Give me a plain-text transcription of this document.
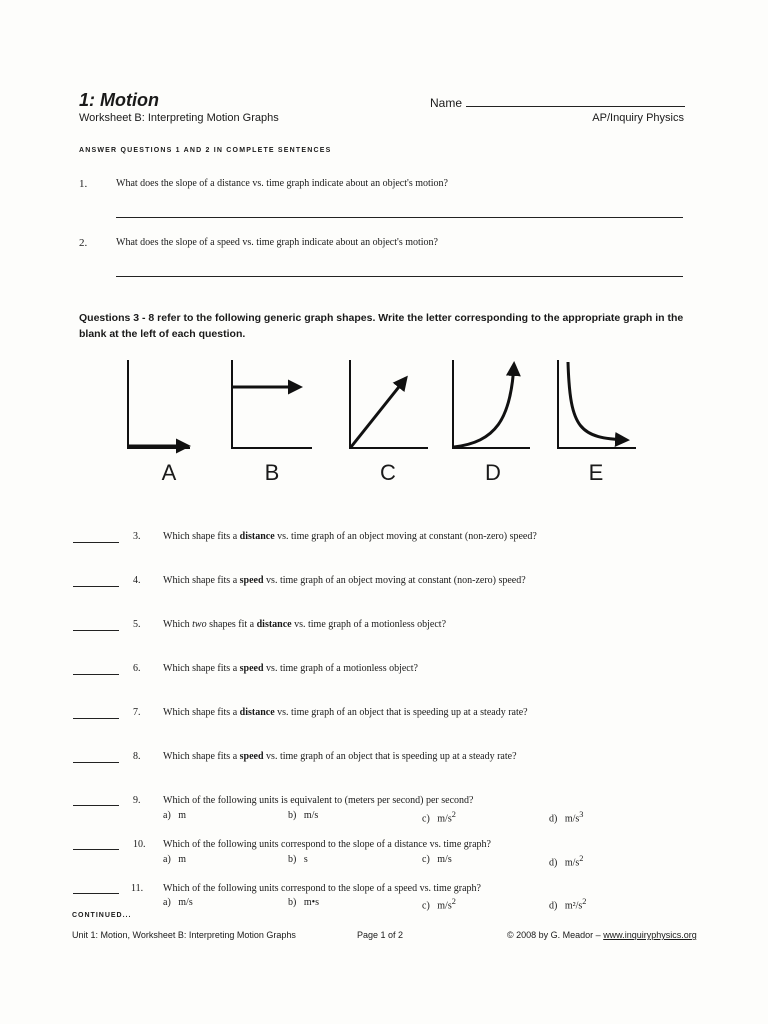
1: Motion
Worksheet B: Interpreting Motion Graphs
Name
AP/Inquiry Physics
ANSWER QUESTIONS 1 AND 2 IN COMPLETE SENTENCES
1.	What does the slope of a distance vs. time graph indicate about an object's motion?
2.	What does the slope of a speed vs. time graph indicate about an object's motion?
Questions 3 - 8 refer to the following generic graph shapes. Write the letter corresponding to the appropriate graph in the blank at the left of each question.
A	B	C	D	E
3. Which shape fits a distance vs. time graph of an object moving at constant (non-zero) speed?
4. Which shape fits a speed vs. time graph of an object moving at constant (non-zero) speed?
5. Which two shapes fit a distance vs. time graph of a motionless object?
6. Which shape fits a speed vs. time graph of a motionless object?
7. Which shape fits a distance vs. time graph of an object that is speeding up at a steady rate?
8. Which shape fits a speed vs. time graph of an object that is speeding up at a steady rate?
9. Which of the following units is equivalent to (meters per second) per second?
a) m	b) m/s	c) $m/s^2$	d) $m/s^3$
10. Which of the following units correspond to the slope of a distance vs. time graph?
a) m	b) s	c) m/s	d) $m/s^2$
11. Which of the following units correspond to the slope of a speed vs. time graph?
a) m/s	b) m•s	c) $m/s^2$	d) $m^2/s^2$
CONTINUED...
Unit 1: Motion, Worksheet B: Interpreting Motion Graphs	Page 1 of 2	© 2008 by G. Meador – www.inquiryphysics.org
